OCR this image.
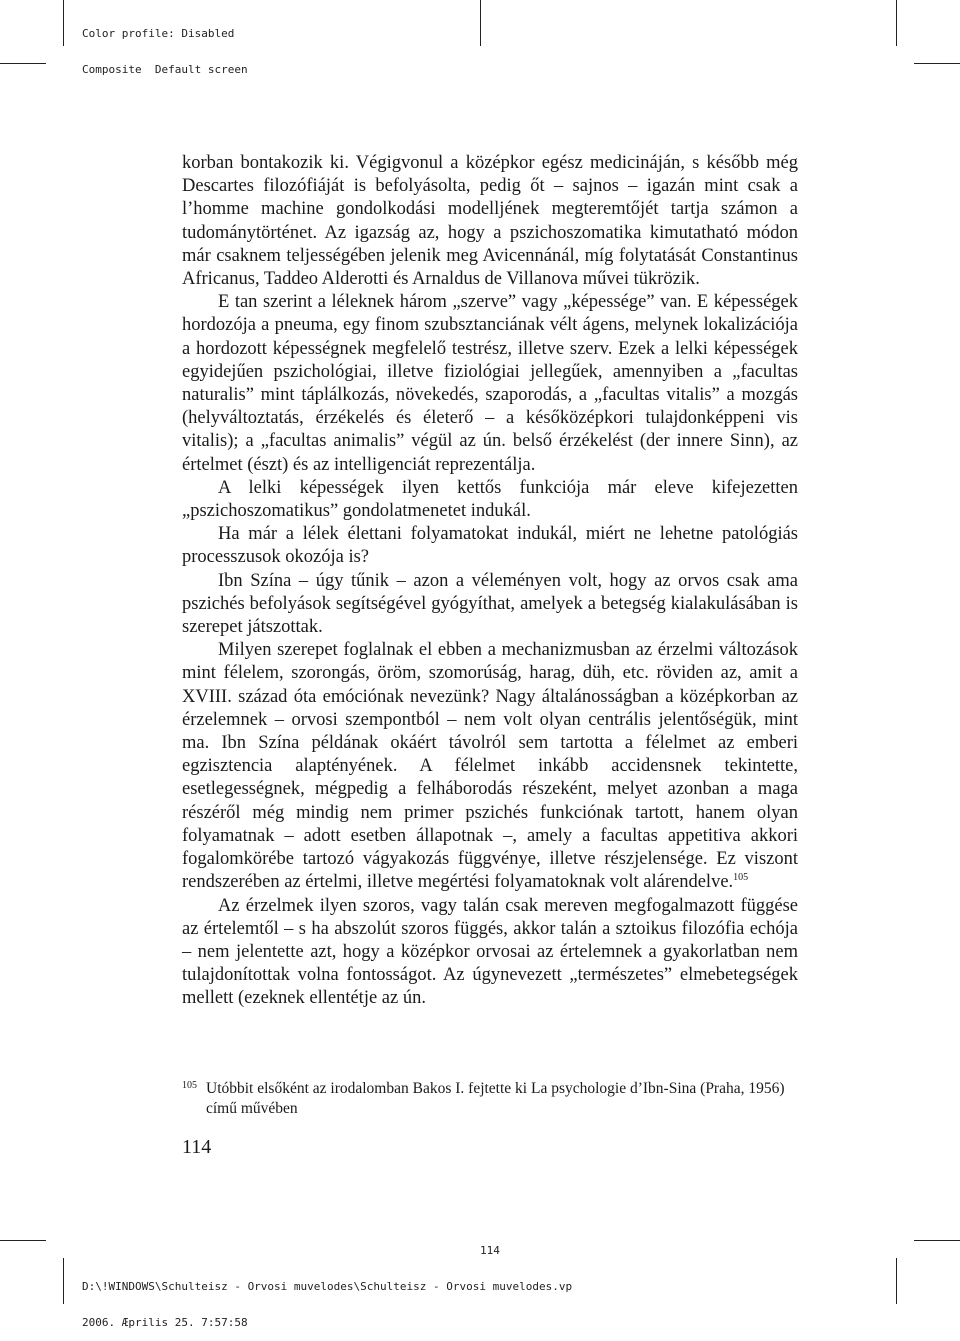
Color profile: Disabled

Composite  Default screen

korban bontakozik ki. Végigvonul a középkor egész medicináján, s később még Descartes filozófiáját is befolyásolta, pedig őt – sajnos – igazán mint csak a l’homme machine gondolkodási modelljének megteremtőjét tartja számon a tudománytörténet. Az igazság az, hogy a pszichoszomatika kimutatható módon már csaknem teljességében jelenik meg Avicennánál, míg folytatását Constantinus Africanus, Taddeo Alderotti és Arnaldus de Villanova művei tükrözik.

E tan szerint a léleknek három „szerve” vagy „képessége” van. E képességek hordozója a pneuma, egy finom szubsztanciának vélt ágens, melynek lokalizációja a hordozott képességnek megfelelő testrész, illetve szerv. Ezek a lelki képességek egyidejűen pszichológiai, illetve fiziológiai jellegűek, amennyiben a „facultas naturalis” mint táplálkozás, növekedés, szaporodás, a „facultas vitalis” a mozgás (helyváltoztatás, érzékelés és életerő – a későközépkori tulajdonképpeni vis vitalis); a „facultas animalis” végül az ún. belső érzékelést (der innere Sinn), az értelmet (észt) és az intelligenciát reprezentálja.

A lelki képességek ilyen kettős funkciója már eleve kifejezetten „pszichoszomatikus” gondolatmenetet indukál.

Ha már a lélek élettani folyamatokat indukál, miért ne lehetne patológiás processzusok okozója is?

Ibn Szína – úgy tűnik – azon a véleményen volt, hogy az orvos csak ama pszichés befolyások segítségével gyógyíthat, amelyek a betegség kialakulásában is szerepet játszottak.

Milyen szerepet foglalnak el ebben a mechanizmusban az érzelmi változások mint félelem, szorongás, öröm, szomorúság, harag, düh, etc. röviden az, amit a XVIII. század óta emóciónak nevezünk? Nagy általánosságban a középkorban az érzelemnek – orvosi szempontból – nem volt olyan centrális jelentőségük, mint ma. Ibn Szína példának okáért távolról sem tartotta a félelmet az emberi egzisztencia alaptényének. A félelmet inkább accidensnek tekintette, esetlegességnek, mégpedig a felháborodás részeként, melyet azonban a maga részéről még mindig nem primer pszichés funkciónak tartott, hanem olyan folyamatnak – adott esetben állapotnak –, amely a facultas appetitiva akkori fogalomkörébe tartozó vágyakozás függvénye, illetve részjelensége. Ez viszont rendszerében az értelmi, illetve megértési folyamatoknak volt alárendelve.$^{105}$

Az érzelmek ilyen szoros, vagy talán csak mereven megfogalmazott függése az értelemtől – s ha abszolút szoros függés, akkor talán a sztoikus filozófia echója – nem jelentette azt, hogy a középkor orvosai az értelemnek a gyakorlatban nem tulajdonítottak volna fontosságot. Az úgynevezett „természetes” elmebetegségek mellett (ezeknek ellentétje az ún.

105 Utóbbit elsőként az irodalomban Bakos I. fejtette ki La psychologie d’Ibn-Sina (Praha, 1956) című művében
114
114

D:\!WINDOWS\Schulteisz - Orvosi muvelodes\Schulteisz - Orvosi muvelodes.vp

2006. Æprilis 25. 7:57:58
